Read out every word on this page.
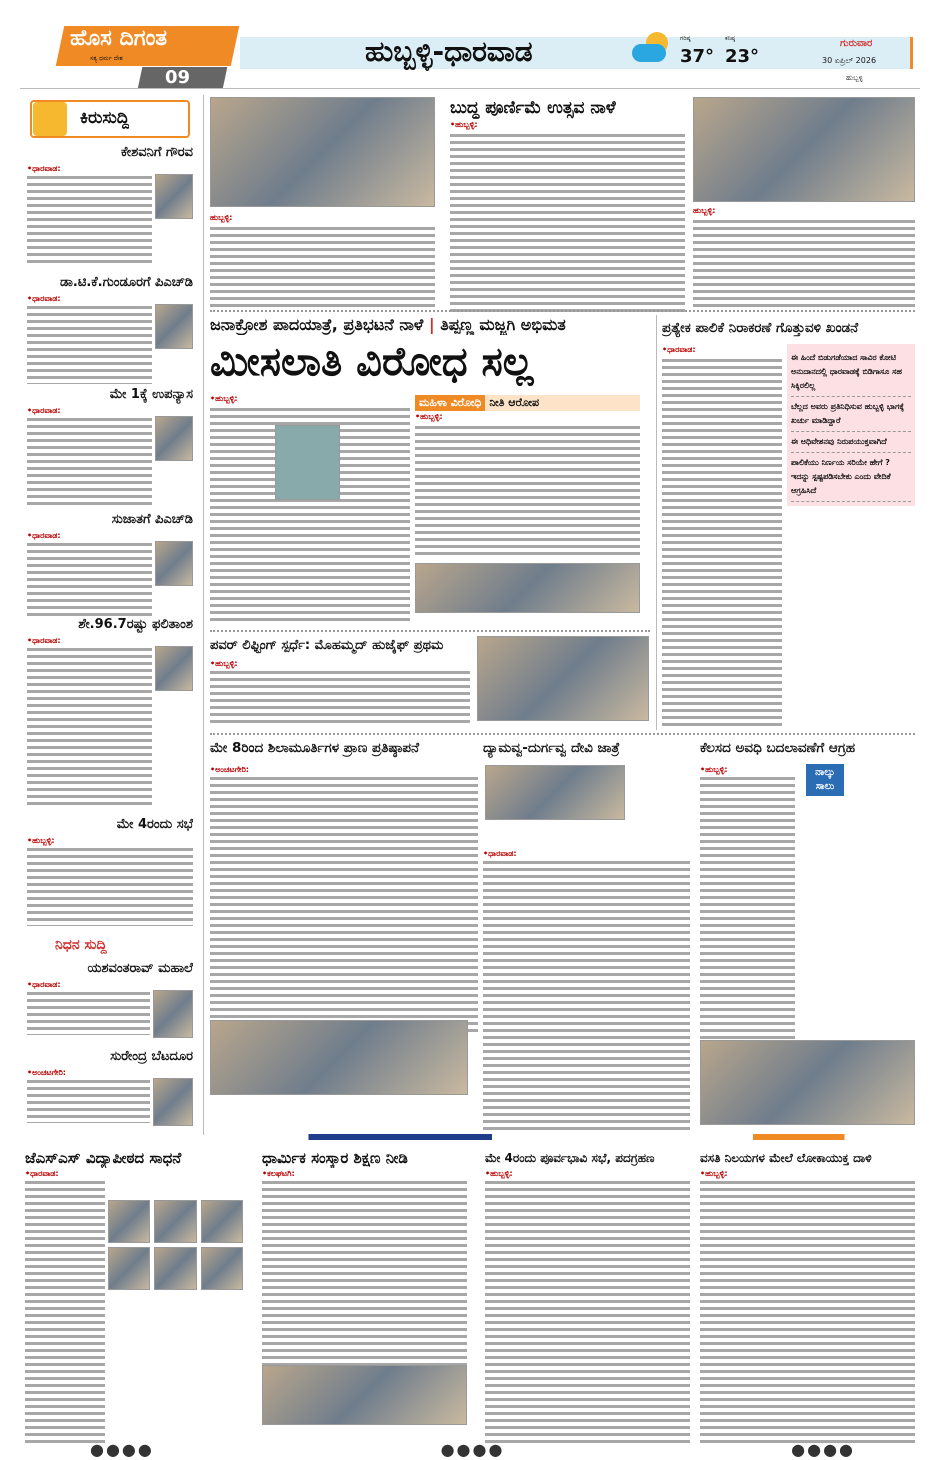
ಹೊಸ ದಿಗಂತ
ಸತ್ಯ ಧರ್ಮ ದೇಶ
09
ಹುಬ್ಬಳ್ಳಿ-ಧಾರವಾಡ	ಗರಿಷ್ಠ
37°
ಕನಿಷ್ಠ
23°
ಗುರುವಾರ
30 ಏಪ್ರಿಲ್ 2026
ಹುಬ್ಬಳ್ಳಿ
ಕಿರುಸುದ್ದಿ
ಕೇಶವನಿಗೆ ಗೌರವ
•ಧಾರವಾಡ:
ಡಾ.ಟಿ.ಕೆ.ಗುಂಡೂರಗೆ ಪಿಎಚ್‌ಡಿ
•ಧಾರವಾಡ:
ಮೇ 1ಕ್ಕೆ ಉಪನ್ಯಾಸ
•ಧಾರವಾಡ:
ಸುಜಾತಗೆ ಪಿಎಚ್‌ಡಿ
•ಧಾರವಾಡ:
ಶೇ.96.7ರಷ್ಟು ಫಲಿತಾಂಶ
•ಧಾರವಾಡ:
ಮೇ 4ರಂದು ಸಭೆ
•ಹುಬ್ಬಳ್ಳಿ:
ನಿಧನ ಸುದ್ದಿ
ಯಶವಂತರಾವ್ ಮಹಾಲೆ
•ಧಾರವಾಡ:
ಸುರೇಂದ್ರ ಬೆಟದೂರ
•ಅಂಚಟಗೇರಿ:
ಹುಬ್ಬಳ್ಳಿ:
ಬುದ್ಧ ಪೂರ್ಣಿಮೆ ಉತ್ಸವ ನಾಳೆ
•ಹುಬ್ಬಳ್ಳಿ:
ಹುಬ್ಬಳ್ಳಿ:
ಜನಾಕ್ರೋಶ ಪಾದಯಾತ್ರೆ, ಪ್ರತಿಭಟನೆ ನಾಳೆ | ತಿಪ್ಪಣ್ಣ ಮಜ್ಜಗಿ ಅಭಿಮತ
ಮೀಸಲಾತಿ ವಿರೋಧ ಸಲ್ಲ
•ಹುಬ್ಬಳ್ಳಿ:	ಮಹಿಳಾ ವಿರೋಧಿ ನೀತಿ ಆರೋಪ
•ಹುಬ್ಬಳ್ಳಿ:
ಪ್ರತ್ಯೇಕ ಪಾಲಿಕೆ ನಿರಾಕರಣೆ ಗೊತ್ತುವಳಿ ಖಂಡನೆ
•ಧಾರವಾಡ:
ಈ ಹಿಂದೆ ಬಿಡುಗಡೆಯಾದ ಸಾವಿರ ಕೋಟಿ ಅನುದಾನದಲ್ಲಿ ಧಾರವಾಡಕ್ಕೆ ಬಿಡಿಗಾಸೂ ಸಹ ಸಿಕ್ಕಿರಲಿಲ್ಲ
ಬೆಲ್ಲದ ಅವರು ಪ್ರತಿನಿಧಿಸುವ ಹುಬ್ಬಳ್ಳಿ ಭಾಗಕ್ಕೆ ಖರ್ಚು ಮಾಡಿದ್ದಾರೆ
ಈ ಅಧಿವೇಶನವು ನಿರುಪಯುಕ್ತವಾಗಿದೆ
ಪಾಲಿಕೆಯು ನಿರ್ಣಯ ಸರಿಯೇ ಹೇಗೆ ? ಇದನ್ನು ಸ್ಪಷ್ಟಪಡಿಸಬೇಕು ಎಂದು ವೇದಿಕೆ ಆಗ್ರಹಿಸಿದೆ
ಪವರ್ ಲಿಫ್ಟಿಂಗ್ ಸ್ಪರ್ಧೆ: ಮೊಹಮ್ಮದ್ ಹುಜೈಫ್ ಪ್ರಥಮ
•ಹುಬ್ಬಳ್ಳಿ:
ಮೇ 8ರಿಂದ ಶಿಲಾಮೂರ್ತಿಗಳ ಪ್ರಾಣ ಪ್ರತಿಷ್ಠಾಪನೆ
•ಅಂಚಟಗೇರಿ:
ದ್ಯಾಮವ್ವ-ದುರ್ಗವ್ವ ದೇವಿ ಜಾತ್ರೆ
•ಧಾರವಾಡ:
ಕೆಲಸದ ಅವಧಿ ಬದಲಾವಣೆಗೆ ಆಗ್ರಹ
•ಹುಬ್ಬಳ್ಳಿ:	ನಾಲ್ಕು ಸಾಲು
ಜೆಎಸ್‌ಎಸ್ ವಿದ್ಯಾಪೀಠದ ಸಾಧನೆ
•ಧಾರವಾಡ:
ಧಾರ್ಮಿಕ ಸಂಸ್ಕಾರ ಶಿಕ್ಷಣ ನೀಡಿ
•ಕಲಘಟಗಿ:
ಮೇ 4ರಂದು ಪೂರ್ವಭಾವಿ ಸಭೆ, ಪದಗ್ರಹಣ
•ಹುಬ್ಬಳ್ಳಿ:
ವಸತಿ ನಿಲಯಗಳ ಮೇಲೆ ಲೋಕಾಯುಕ್ತ ದಾಳಿ
•ಹುಬ್ಬಳ್ಳಿ:
●●●●	●●●●	●●●●
